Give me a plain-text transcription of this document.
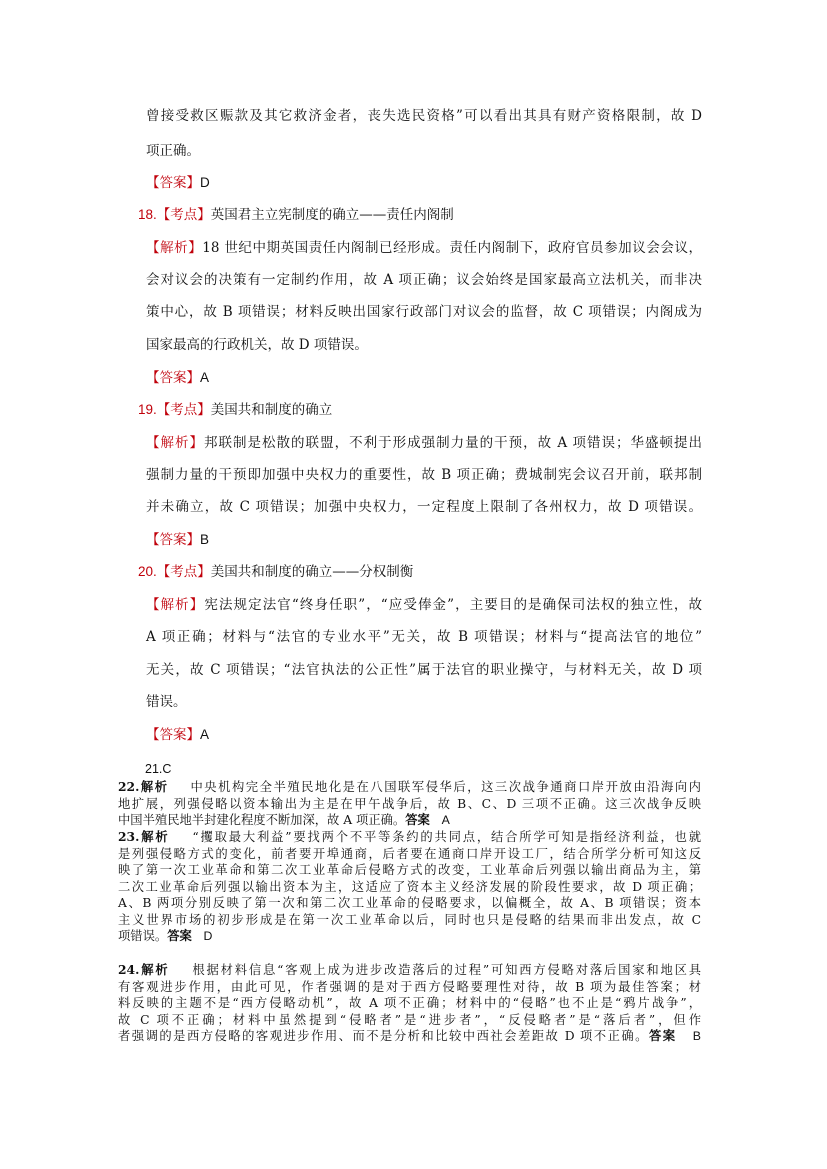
曾接受救区赈款及其它救济金者，丧失选民资格”可以看出其具有财产资格限制，故 D
项正确。
【答案】D
18.【考点】英国君主立宪制度的确立——责任内阁制
【解析】18 世纪中期英国责任内阁制已经形成。责任内阁制下，政府官员参加议会会议，
会对议会的决策有一定制约作用，故 A 项正确；议会始终是国家最高立法机关，而非决
策中心，故 B 项错误；材料反映出国家行政部门对议会的监督，故 C 项错误；内阁成为
国家最高的行政机关，故 D 项错误。
【答案】A
19.【考点】美国共和制度的确立
【解析】邦联制是松散的联盟，不利于形成强制力量的干预，故 A 项错误；华盛顿提出
强制力量的干预即加强中央权力的重要性，故 B 项正确；费城制宪会议召开前，联邦制
并未确立，故 C 项错误；加强中央权力，一定程度上限制了各州权力，故 D 项错误。
【答案】B
20.【考点】美国共和制度的确立——分权制衡
【解析】宪法规定法官“终身任职”，“应受俸金”，主要目的是确保司法权的独立性，故
A 项正确；材料与“法官的专业水平”无关，故 B 项错误；材料与“提高法官的地位”
无关，故 C 项错误；“法官执法的公正性”属于法官的职业操守，与材料无关，故 D 项
错误。
【答案】A
21.C
22.解析 中央机构完全半殖民地化是在八国联军侵华后，这三次战争通商口岸开放由沿海向内
地扩展，列强侵略以资本输出为主是在甲午战争后，故 B、C、D 三项不正确。这三次战争反映
中国半殖民地半封建化程度不断加深，故 A 项正确。答案 A
23.解析 “攫取最大利益”要找两个不平等条约的共同点，结合所学可知是指经济利益，也就
是列强侵略方式的变化，前者要开埠通商，后者要在通商口岸开设工厂，结合所学分析可知这反
映了第一次工业革命和第二次工业革命后侵略方式的改变，工业革命后列强以输出商品为主，第
二次工业革命后列强以输出资本为主，这适应了资本主义经济发展的阶段性要求，故 D 项正确；
A、B 两项分别反映了第一次和第二次工业革命的侵略要求，以偏概全，故 A、B 项错误；资本
主义世界市场的初步形成是在第一次工业革命以后，同时也只是侵略的结果而非出发点，故 C
项错误。答案 D
24.解析 根据材料信息“客观上成为进步改造落后的过程”可知西方侵略对落后国家和地区具
有客观进步作用，由此可见，作者强调的是对于西方侵略要理性对待，故 B 项为最佳答案；材
料反映的主题不是“西方侵略动机”，故 A 项不正确；材料中的“侵略”也不止是“鸦片战争”，
故 C 项不正确；材料中虽然提到“侵略者”是“进步者”，“反侵略者”是“落后者”，但作
者强调的是西方侵略的客观进步作用、而不是分析和比较中西社会差距故 D 项不正确。答案 B
